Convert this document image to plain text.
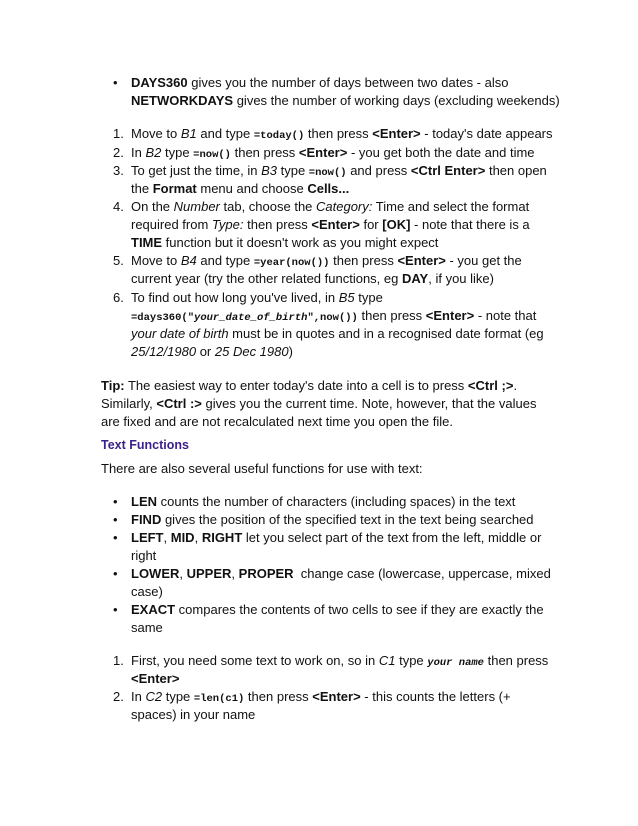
• DAYS360 gives you the number of days between two dates - also
NETWORKDAYS gives the number of working days (excluding weekends)
1. Move to B1 and type =today() then press <Enter> - today's date appears
2. In B2 type =now() then press <Enter> - you get both the date and time
3. To get just the time, in B3 type =now() and press <Ctrl Enter> then open
the Format menu and choose Cells...
4. On the Number tab, choose the Category: Time and select the format
required from Type: then press <Enter> for [OK] - note that there is a
TIME function but it doesn't work as you might expect
5. Move to B4 and type =year(now()) then press <Enter> - you get the
current year (try the other related functions, eg DAY, if you like)
6. To find out how long you've lived, in B5 type
=days360("your_date_of_birth",now()) then press <Enter> - note that
your date of birth must be in quotes and in a recognised date format (eg
25/12/1980 or 25 Dec 1980)
Tip: The easiest way to enter today's date into a cell is to press <Ctrl ;>.
Similarly, <Ctrl :> gives you the current time. Note, however, that the values
are fixed and are not recalculated next time you open the file.
Text Functions
There are also several useful functions for use with text:
• LEN counts the number of characters (including spaces) in the text
• FIND gives the position of the specified text in the text being searched
• LEFT, MID, RIGHT let you select part of the text from the left, middle or
right
• LOWER, UPPER, PROPER  change case (lowercase, uppercase, mixed
case)
• EXACT compares the contents of two cells to see if they are exactly the
same
1. First, you need some text to work on, so in C1 type your name then press
<Enter>
2. In C2 type =len(c1) then press <Enter> - this counts the letters (+
spaces) in your name
